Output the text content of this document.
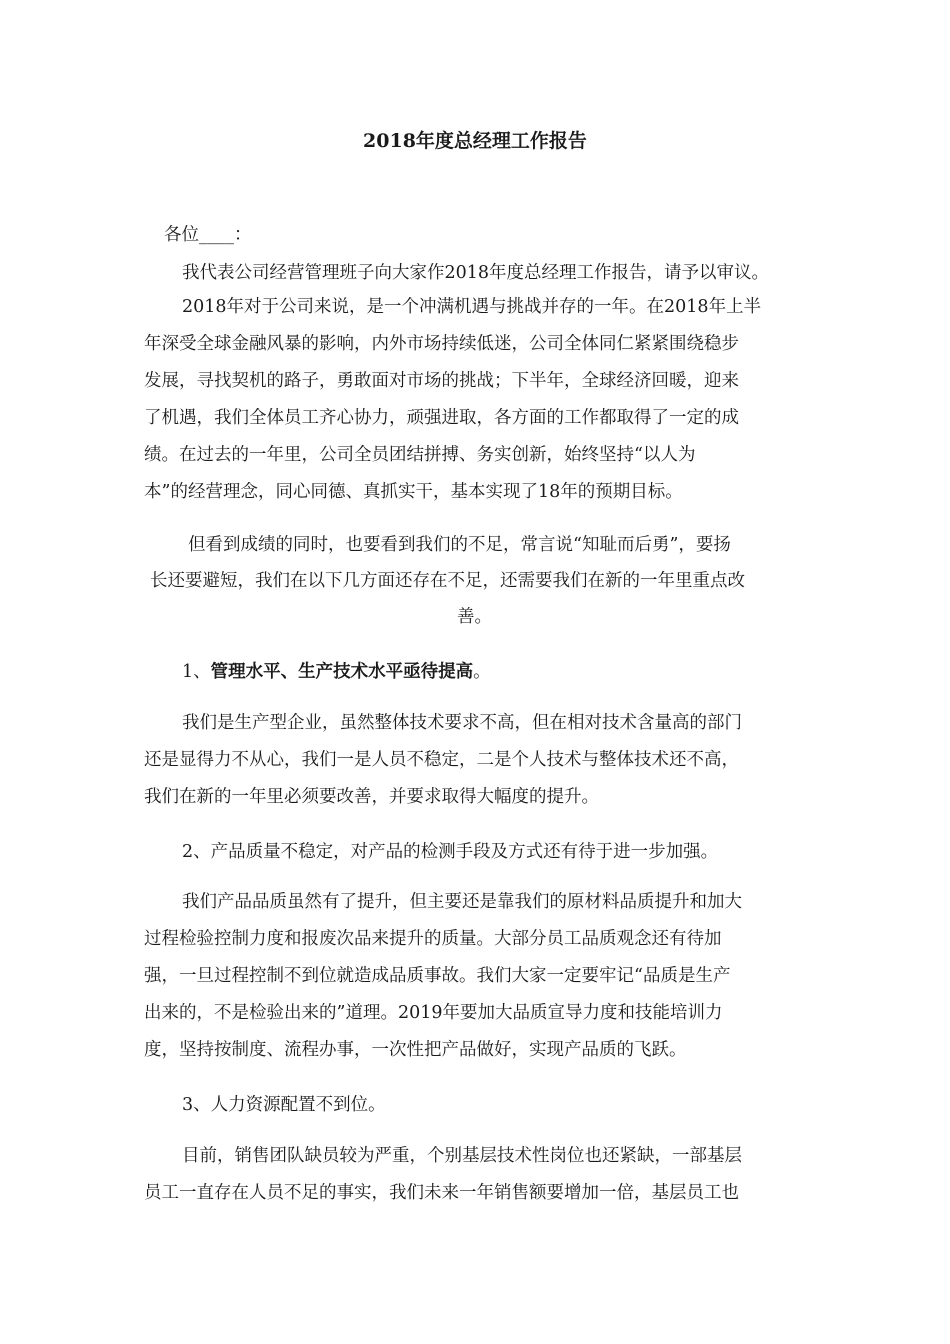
2018年度总经理工作报告

各位____：

我代表公司经营管理班子向大家作2018年度总经理工作报告，请予以审议。

2018年对于公司来说，是一个冲满机遇与挑战并存的一年。在2018年上半

年深受全球金融风暴的影响，内外市场持续低迷，公司全体同仁紧紧围绕稳步

发展，寻找契机的路子，勇敢面对市场的挑战；下半年，全球经济回暖，迎来

了机遇，我们全体员工齐心协力，顽强进取，各方面的工作都取得了一定的成

绩。在过去的一年里，公司全员团结拼搏、务实创新，始终坚持“以人为

本”的经营理念，同心同德、真抓实干，基本实现了18年的预期目标。

但看到成绩的同时，也要看到我们的不足，常言说“知耻而后勇”，要扬

长还要避短，我们在以下几方面还存在不足，还需要我们在新的一年里重点改

善。

1、管理水平、生产技术水平亟待提高。

我们是生产型企业，虽然整体技术要求不高，但在相对技术含量高的部门

还是显得力不从心，我们一是人员不稳定，二是个人技术与整体技术还不高，

我们在新的一年里必须要改善，并要求取得大幅度的提升。

2、产品质量不稳定，对产品的检测手段及方式还有待于进一步加强。

我们产品品质虽然有了提升，但主要还是靠我们的原材料品质提升和加大

过程检验控制力度和报废次品来提升的质量。大部分员工品质观念还有待加

强，一旦过程控制不到位就造成品质事故。我们大家一定要牢记“品质是生产

出来的，不是检验出来的”道理。2019年要加大品质宣导力度和技能培训力

度，坚持按制度、流程办事，一次性把产品做好，实现产品质的飞跃。

3、人力资源配置不到位。

目前，销售团队缺员较为严重，个别基层技术性岗位也还紧缺，一部基层

员工一直存在人员不足的事实，我们未来一年销售额要增加一倍，基层员工也
